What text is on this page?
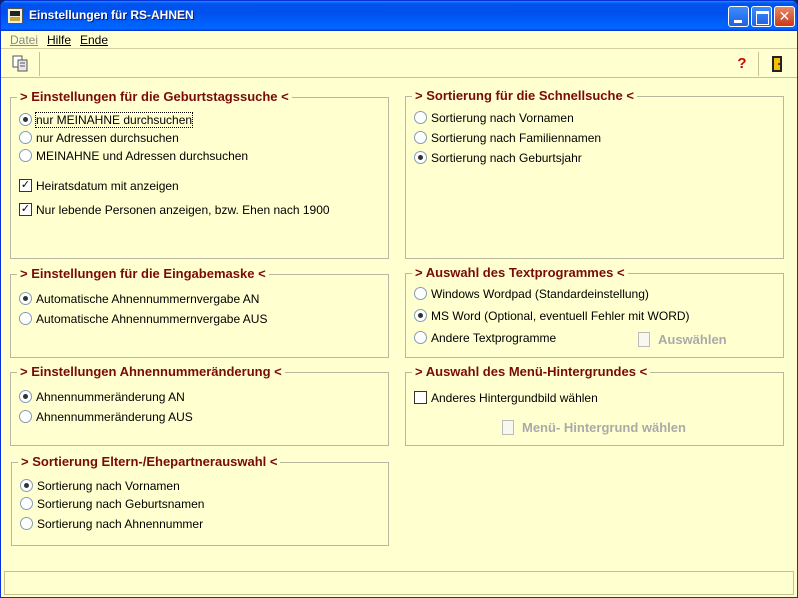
Einstellungen für RS-AHNEN
✕
Datei Hilfe Ende
?
> Einstellungen für die Geburtstagssuche <
nur MEINAHNE durchsuchen
nur Adressen durchsuchen
MEINAHNE und Adressen durchsuchen
✓ Heiratsdatum mit anzeigen
✓ Nur lebende Personen anzeigen, bzw. Ehen nach 1900
> Einstellungen für die Eingabemaske <
Automatische Ahnennummernvergabe AN
Automatische Ahnennummernvergabe AUS
> Einstellungen Ahnennummeränderung <
Ahnennummeränderung AN
Ahnennummeränderung AUS
> Sortierung Eltern-/Ehepartnerauswahl <
Sortierung nach Vornamen
Sortierung nach Geburtsnamen
Sortierung nach Ahnennummer
> Sortierung für die Schnellsuche <
Sortierung nach Vornamen
Sortierung nach Familiennamen
Sortierung nach Geburtsjahr
> Auswahl des Textprogrammes <
Windows Wordpad (Standardeinstellung)
MS Word (Optional, eventuell Fehler mit WORD)
Andere Textprogramme	Auswählen
> Auswahl des Menü-Hintergrundes <
Anderes Hintergundbild wählen
Menü- Hintergrund wählen
